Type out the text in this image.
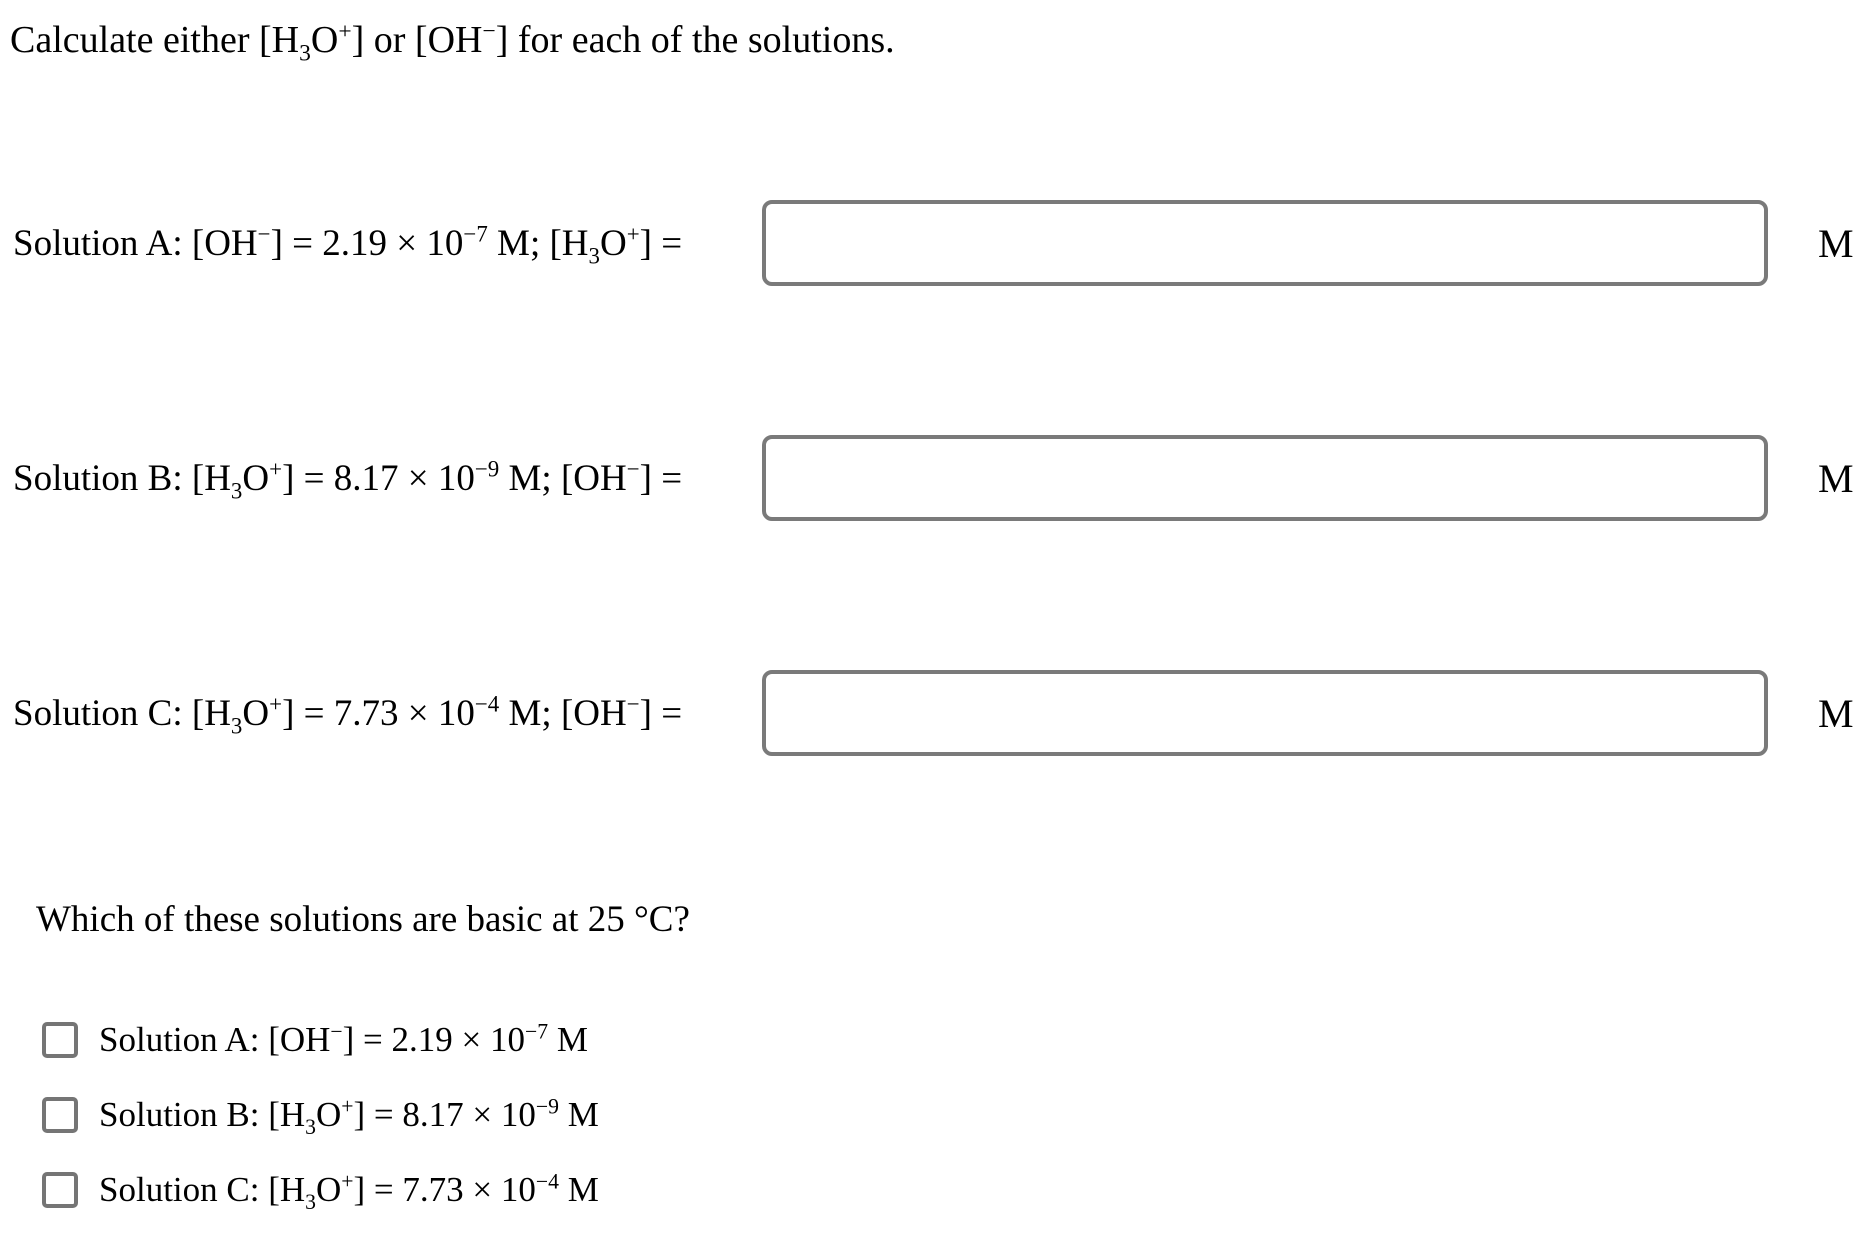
Calculate either $[H_3O^+]$ or [OH−] for each of the solutions.
Solution A: $[OH^-] = 2.19 \times 10^{-7}$ M; $[H_3O^+]$ =	M
Solution B: $[H_3O^+] = 8.17 \times 10^{-9}$ M; [OH−] =	M
Solution C: $[H_3O^+] = 7.73 \times 10^{-4}$ M; [OH−] =	M
Which of these solutions are basic at 25 °C?
Solution A: $[OH^-] = 2.19 \times 10^{-7}$ M
Solution B: $[H_3O^+] = 8.17 \times 10^{-9}$ M
Solution C: $[H_3O^+] = 7.73 \times 10^{-4}$ M
